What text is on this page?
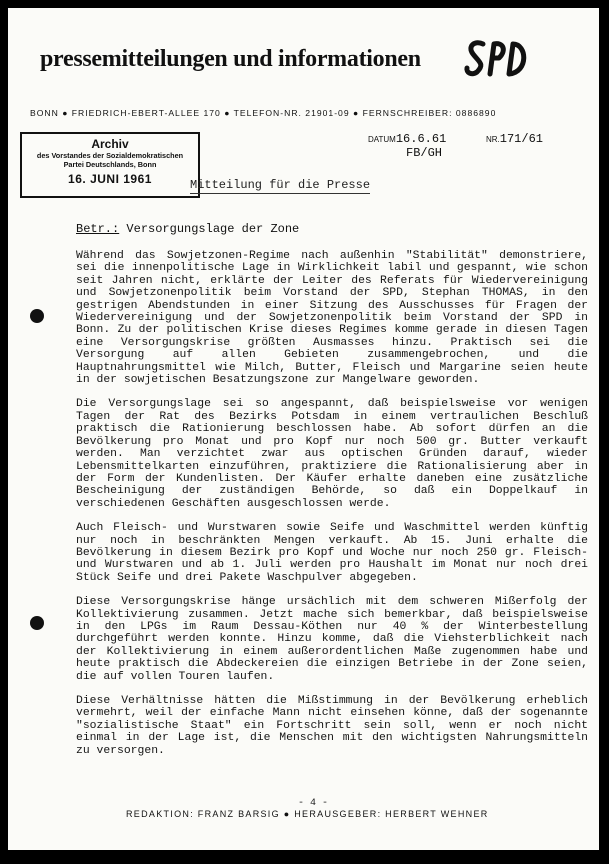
pressemitteilungen und informationen
BONN ● FRIEDRICH-EBERT-ALLEE 170 ● TELEFON-NR. 21901-09 ● FERNSCHREIBER: 0886890
Archiv
des Vorstandes der Sozialdemokratischen
Partei Deutschlands, Bonn
16. JUNI 1961
DATUM16.6.61	NR.171/61
FB/GH
Mitteilung für die Presse
Betr.: Versorgungslage der Zone

Während das Sowjetzonen-Regime nach außenhin "Stabilität" demonstriere, sei die innenpolitische Lage in Wirklichkeit labil und gespannt, wie schon seit Jahren nicht, erklärte der Leiter des Referats für Wiedervereinigung und Sowjetzonenpolitik beim Vorstand der SPD, Stephan THOMAS, in den gestrigen Abendstunden in einer Sitzung des Ausschusses für Fragen der Wiedervereinigung und der Sowjetzonenpolitik beim Vorstand der SPD in Bonn. Zu der politischen Krise dieses Regimes komme gerade in diesen Tagen eine Versorgungskrise größten Ausmasses hinzu. Praktisch sei die Versorgung auf allen Gebieten zusammengebrochen, und die Hauptnahrungsmittel wie Milch, Butter, Fleisch und Margarine seien heute in der sowjetischen Besatzungszone zur Mangelware geworden.

Die Versorgungslage sei so angespannt, daß beispielsweise vor wenigen Tagen der Rat des Bezirks Potsdam in einem vertraulichen Beschluß praktisch die Rationierung beschlossen habe. Ab sofort dürfen an die Bevölkerung pro Monat und pro Kopf nur noch 500 gr. Butter verkauft werden. Man verzichtet zwar aus optischen Gründen darauf, wieder Lebensmittelkarten einzuführen, praktiziere die Rationalisierung aber in der Form der Kundenlisten. Der Käufer erhalte daneben eine zusätzliche Bescheinigung der zuständigen Behörde, so daß ein Doppelkauf in verschiedenen Geschäften ausgeschlossen werde.

Auch Fleisch- und Wurstwaren sowie Seife und Waschmittel werden künftig nur noch in beschränkten Mengen verkauft. Ab 15. Juni erhalte die Bevölkerung in diesem Bezirk pro Kopf und Woche nur noch 250 gr. Fleisch- und Wurstwaren und ab 1. Juli werden pro Haushalt im Monat nur noch drei Stück Seife und drei Pakete Waschpulver abgegeben.

Diese Versorgungskrise hänge ursächlich mit dem schweren Mißerfolg der Kollektivierung zusammen. Jetzt mache sich bemerkbar, daß beispielsweise in den LPGs im Raum Dessau-Köthen nur 40 % der Winterbestellung durchgeführt werden konnte. Hinzu komme, daß die Viehsterblichkeit nach der Kollektivierung in einem außerordentlichen Maße zugenommen habe und heute praktisch die Abdeckereien die einzigen Betriebe in der Zone seien, die auf vollen Touren laufen.

Diese Verhältnisse hätten die Mißstimmung in der Bevölkerung erheblich vermehrt, weil der einfache Mann nicht einsehen könne, daß der sogenannte "sozialistische Staat" ein Fortschritt sein soll, wenn er noch nicht einmal in der Lage ist, die Menschen mit den wichtigsten Nahrungsmitteln zu versorgen.

- 4 -
REDAKTION: FRANZ BARSIG ● HERAUSGEBER: HERBERT WEHNER
